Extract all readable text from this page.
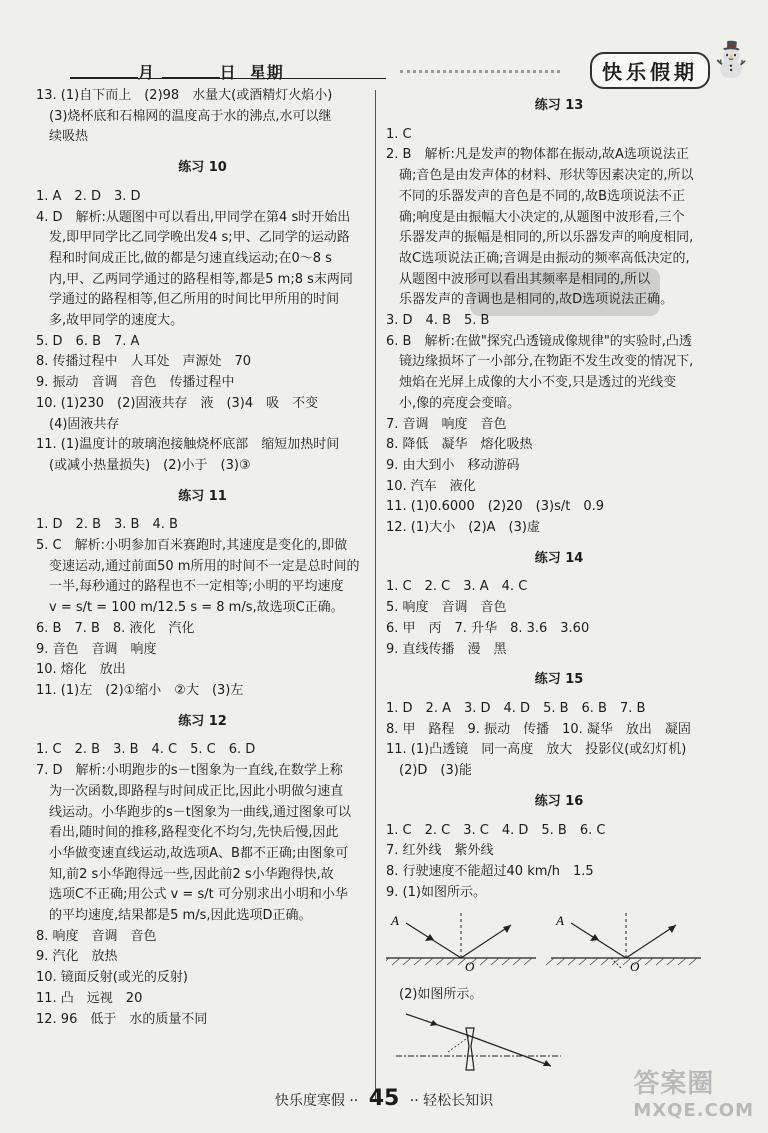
月	日 星期	快乐假期 ⛄
13. (1)自下而上　(2)98　水量大(或酒精灯火焰小)
(3)烧杯底和石棉网的温度高于水的沸点,水可以继
续吸热
练习 10
1. A　2. D　3. D
4. D　解析:从题图中可以看出,甲同学在第4 s时开始出
发,即甲同学比乙同学晚出发4 s;甲、乙同学的运动路
程和时间成正比,做的都是匀速直线运动;在0～8 s
内,甲、乙两同学通过的路程相等,都是5 m;8 s末两同
学通过的路程相等,但乙所用的时间比甲所用的时间
多,故甲同学的速度大。
5. D　6. B　7. A
8. 传播过程中　人耳处　声源处　70
9. 振动　音调　音色　传播过程中
10. (1)230　(2)固液共存　液　(3)4　吸　不变
(4)固液共存
11. (1)温度计的玻璃泡接触烧杯底部　缩短加热时间
(或减小热量损失)　(2)小于　(3)③
练习 11
1. D　2. B　3. B　4. B
5. C　解析:小明参加百米赛跑时,其速度是变化的,即做
变速运动,通过前面50 m所用的时间不一定是总时间的
一半,每秒通过的路程也不一定相等;小明的平均速度
v = s/t = 100 m/12.5 s = 8 m/s,故选项C正确。
6. B　7. B　8. 液化　汽化
9. 音色　音调　响度
10. 熔化　放出
11. (1)左　(2)①缩小　②大　(3)左
练习 12
1. C　2. B　3. B　4. C　5. C　6. D
7. D　解析:小明跑步的s－t图象为一直线,在数学上称
为一次函数,即路程与时间成正比,因此小明做匀速直
线运动。小华跑步的s－t图象为一曲线,通过图象可以
看出,随时间的推移,路程变化不均匀,先快后慢,因此
小华做变速直线运动,故选项A、B都不正确;由图象可
知,前2 s小华跑得远一些,因此前2 s小华跑得快,故
选项C不正确;用公式 v = s/t 可分别求出小明和小华
的平均速度,结果都是5 m/s,因此选项D正确。
8. 响度　音调　音色
9. 汽化　放热
10. 镜面反射(或光的反射)
11. 凸　远视　20
12. 96　低于　水的质量不同
练习 13
1. C
2. B　解析:凡是发声的物体都在振动,故A选项说法正
确;音色是由发声体的材料、形状等因素决定的,所以
不同的乐器发声的音色是不同的,故B选项说法不正
确;响度是由振幅大小决定的,从题图中波形看,三个
乐器发声的振幅是相同的,所以乐器发声的响度相同,
故C选项说法正确;音调是由振动的频率高低决定的,
从题图中波形可以看出其频率是相同的,所以
乐器发声的音调也是相同的,故D选项说法正确。
3. D　4. B　5. B
6. B　解析:在做"探究凸透镜成像规律"的实验时,凸透
镜边缘损坏了一小部分,在物距不发生改变的情况下,
烛焰在光屏上成像的大小不变,只是透过的光线变
小,像的亮度会变暗。
7. 音调　响度　音色
8. 降低　凝华　熔化吸热
9. 由大到小　移动游码
10. 汽车　液化
11. (1)0.6000　(2)20　(3)s/t　0.9
12. (1)大小　(2)A　(3)虚
练习 14
1. C　2. C　3. A　4. C
5. 响度　音调　音色
6. 甲　丙　7. 升华　8. 3.6　3.60
9. 直线传播　漫　黑
练习 15
1. D　2. A　3. D　4. D　5. B　6. B　7. B
8. 甲　路程　9. 振动　传播　10. 凝华　放出　凝固
11. (1)凸透镜　同一高度　放大　投影仪(或幻灯机)
(2)D　(3)能
练习 16
1. C　2. C　3. C　4. D　5. B　6. C
7. 红外线　紫外线
8. 行驶速度不能超过40 km/h　1.5
9. (1)如图所示。
A
O
A
O
(2)如图所示。
快乐度寒假 ·· 45 ·· 轻松长知识
答案圈
MXQE.COM
